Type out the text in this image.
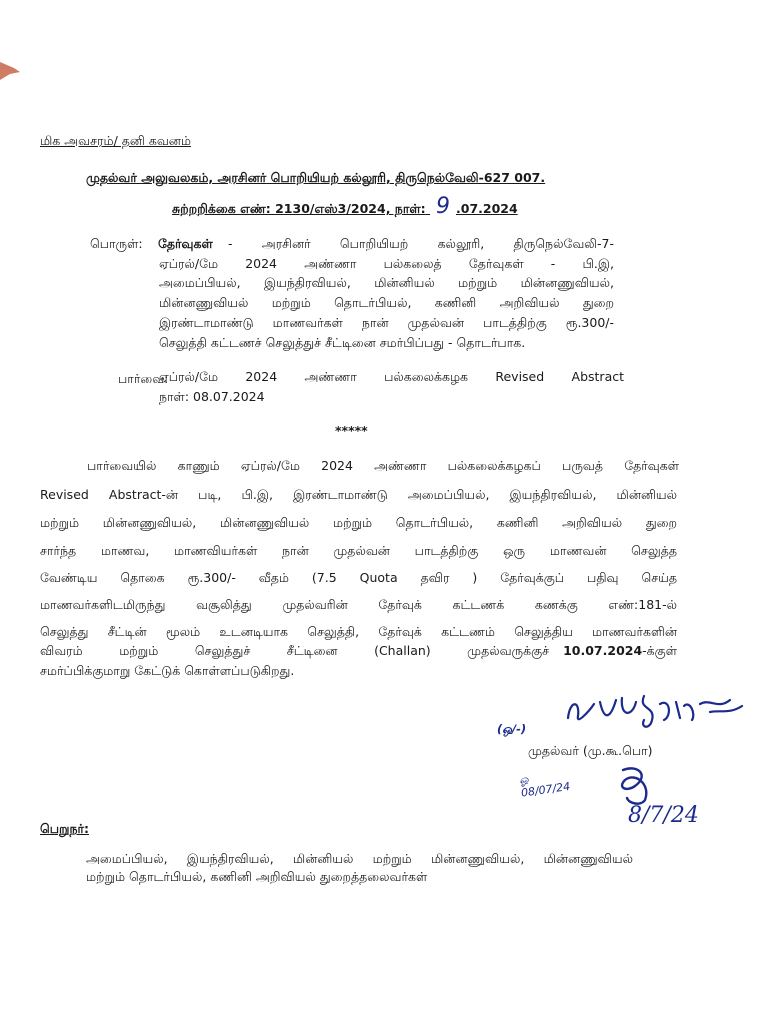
மிக அவசரம்/ தனி கவனம்
முதல்வர் அலுவலகம், அரசினர் பொறியியற் கல்லூரி, திருநெல்வேலி-627 007.
சுற்றறிக்கை எண்: 2130/எஸ்3/2024, நாள்: 9 .07.2024
பொருள்: தேர்வுகள் - அரசினர் பொறியியற் கல்லூரி, திருநெல்வேலி-7-
ஏப்ரல்/மே 2024 அண்ணா பல்கலைத் தேர்வுகள் - பி.இ,
அமைப்பியல், இயந்திரவியல், மின்னியல் மற்றும் மின்னணுவியல்,
மின்னணுவியல் மற்றும் தொடர்பியல், கணினி அறிவியல் துறை
இரண்டாமாண்டு மாணவர்கள் நான் முதல்வன் பாடத்திற்கு ரூ.300/-
செலுத்தி கட்டணச் செலுத்துச் சீட்டினை சமர்பிப்பது - தொடர்பாக.
பார்வை:
ஏப்ரல்/மே 2024 அண்ணா பல்கலைக்கழக Revised Abstract
நாள்: 08.07.2024
*****
பார்வையில் காணும் ஏப்ரல்/மே 2024 அண்ணா பல்கலைக்கழகப் பருவத் தேர்வுகள்
Revised Abstract-ன் படி, பி.இ, இரண்டாமாண்டு அமைப்பியல், இயந்திரவியல், மின்னியல்
மற்றும் மின்னணுவியல், மின்னணுவியல் மற்றும் தொடர்பியல், கணினி அறிவியல் துறை
சார்ந்த மாணவ, மாணவியர்கள் நான் முதல்வன் பாடத்திற்கு ஒரு மாணவன் செலுத்த
வேண்டிய தொகை ரூ.300/- வீதம் (7.5 Quota தவிர ) தேர்வுக்குப் பதிவு செய்த
மாணவர்களிடமிருந்து வசூலித்து முதல்வரின் தேர்வுக் கட்டணக் கணக்கு எண்:181-ல்
செலுத்து சீட்டின் மூலம் உடனடியாக செலுத்தி, தேர்வுக் கட்டணம் செலுத்திய மாணவர்களின்
விவரம் மற்றும் செலுத்துச் சீட்டினை (Challan) முதல்வருக்குச்	10.07.2024-க்குள்
சமர்ப்பிக்குமாறு கேட்டுக் கொள்ளப்படுகிறது.
(ஒ/-)
முதல்வர் (மு.கூ.பொ)
ஓ 08/07/24
8/7/24
பெறுநர்:
அமைப்பியல், இயந்திரவியல், மின்னியல் மற்றும் மின்னணுவியல், மின்னணுவியல்
மற்றும் தொடர்பியல், கணினி அறிவியல் துறைத்தலைவர்கள்
